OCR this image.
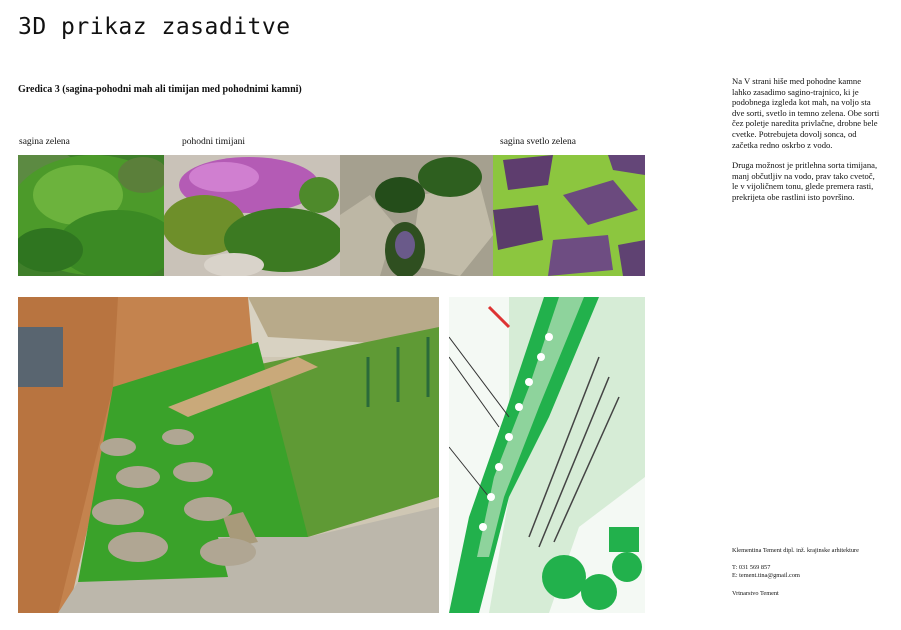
3D prikaz zasaditve
Gredica 3 (sagina-pohodni mah ali timijan med pohodnimi kamni)
sagina zelena	pohodni timijani	sagina svetlo zelena

Na V strani hiše med pohodne kamne lahko zasadimo sagino-trajnico, ki je podobnega izgleda kot mah, na voljo sta dve sorti, svetlo in temno zelena. Obe sorti čez poletje naredita privlačne, drobne bele cvetke. Potrebujeta dovolj sonca, od začetka redno oskrbo z vodo.

Druga možnost je pritlehna sorta timijana, manj občutljiv na vodo, prav tako cvetoč, le v vijoličnem tonu, glede premera rasti, prekrijeta obe rastlini isto površino.

Klementina Tement dipl. inž. krajinske arhitekture
T: 031 569 857
E: tement.tina@gmail.com
Vrtnarstvo Tement
